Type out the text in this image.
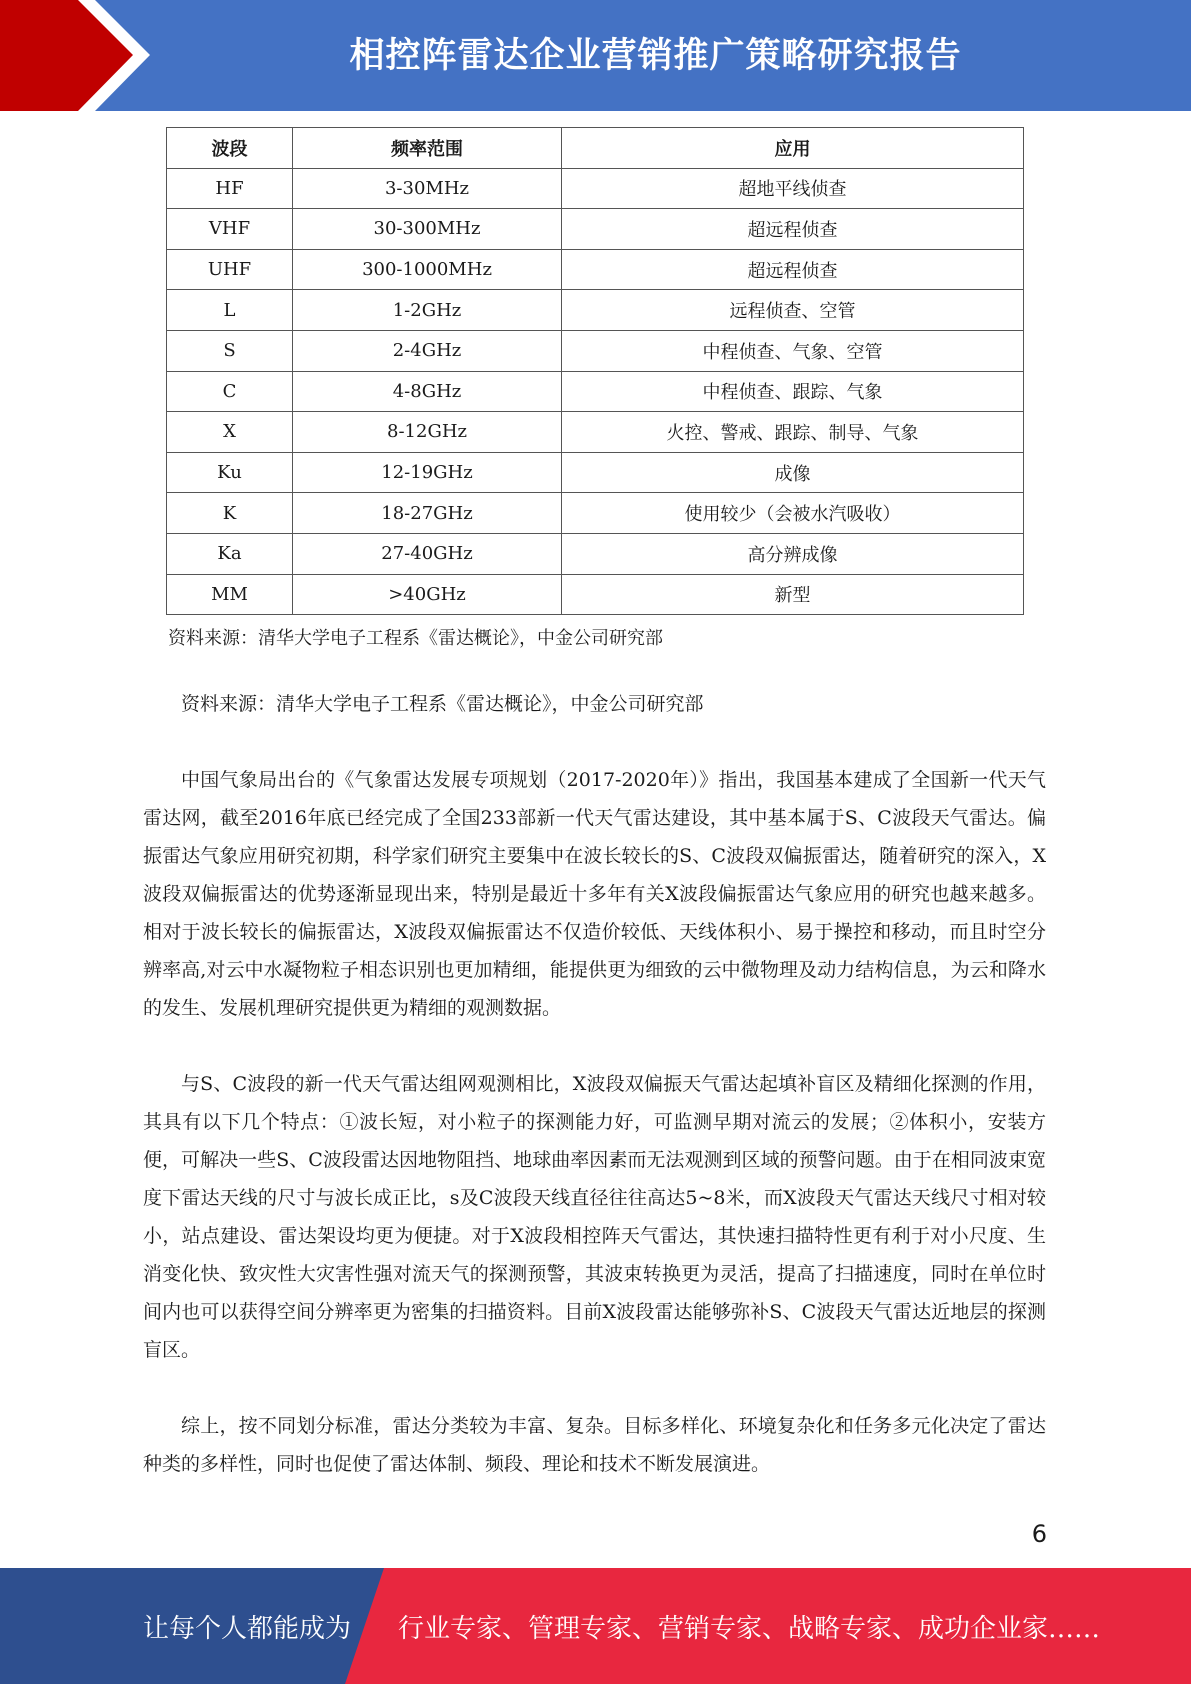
相控阵雷达企业营销推广策略研究报告
波段	频率范围	应用
HF	3-30MHz	超地平线侦查
VHF	30-300MHz	超远程侦查
UHF	300-1000MHz	超远程侦查
L	1-2GHz	远程侦查、空管
S	2-4GHz	中程侦查、气象、空管
C	4-8GHz	中程侦查、跟踪、气象
X	8-12GHz	火控、警戒、跟踪、制导、气象
Ku	12-19GHz	成像
K	18-27GHz	使用较少（会被水汽吸收）
Ka	27-40GHz	高分辨成像
MM	>40GHz	新型
资料来源：清华大学电子工程系《雷达概论》，中金公司研究部

资料来源：清华大学电子工程系《雷达概论》，中金公司研究部

中国气象局出台的《气象雷达发展专项规划（2017-2020年）》指出，我国基本建成了全国新一代天气雷达网，截至2016年底已经完成了全国233部新一代天气雷达建设，其中基本属于S、C波段天气雷达。偏振雷达气象应用研究初期，科学家们研究主要集中在波长较长的S、C波段双偏振雷达，随着研究的深入，X波段双偏振雷达的优势逐渐显现出来，特别是最近十多年有关X波段偏振雷达气象应用的研究也越来越多。相对于波长较长的偏振雷达，X波段双偏振雷达不仅造价较低、天线体积小、易于操控和移动，而且时空分辨率高,对云中水凝物粒子相态识别也更加精细，能提供更为细致的云中微物理及动力结构信息，为云和降水的发生、发展机理研究提供更为精细的观测数据。

与S、C波段的新一代天气雷达组网观测相比，X波段双偏振天气雷达起填补盲区及精细化探测的作用，其具有以下几个特点：①波长短，对小粒子的探测能力好，可监测早期对流云的发展；②体积小，安装方便，可解决一些S、C波段雷达因地物阻挡、地球曲率因素而无法观测到区域的预警问题。由于在相同波束宽度下雷达天线的尺寸与波长成正比，s及C波段天线直径往往高达5~8米，而X波段天气雷达天线尺寸相对较小，站点建设、雷达架设均更为便捷。对于X波段相控阵天气雷达，其快速扫描特性更有利于对小尺度、生消变化快、致灾性大灾害性强对流天气的探测预警，其波束转换更为灵活，提高了扫描速度，同时在单位时间内也可以获得空间分辨率更为密集的扫描资料。目前X波段雷达能够弥补S、C波段天气雷达近地层的探测盲区。

综上，按不同划分标准，雷达分类较为丰富、复杂。目标多样化、环境复杂化和任务多元化决定了雷达种类的多样性，同时也促使了雷达体制、频段、理论和技术不断发展演进。

6
让每个人都能成为 行业专家、管理专家、营销专家、战略专家、成功企业家……
